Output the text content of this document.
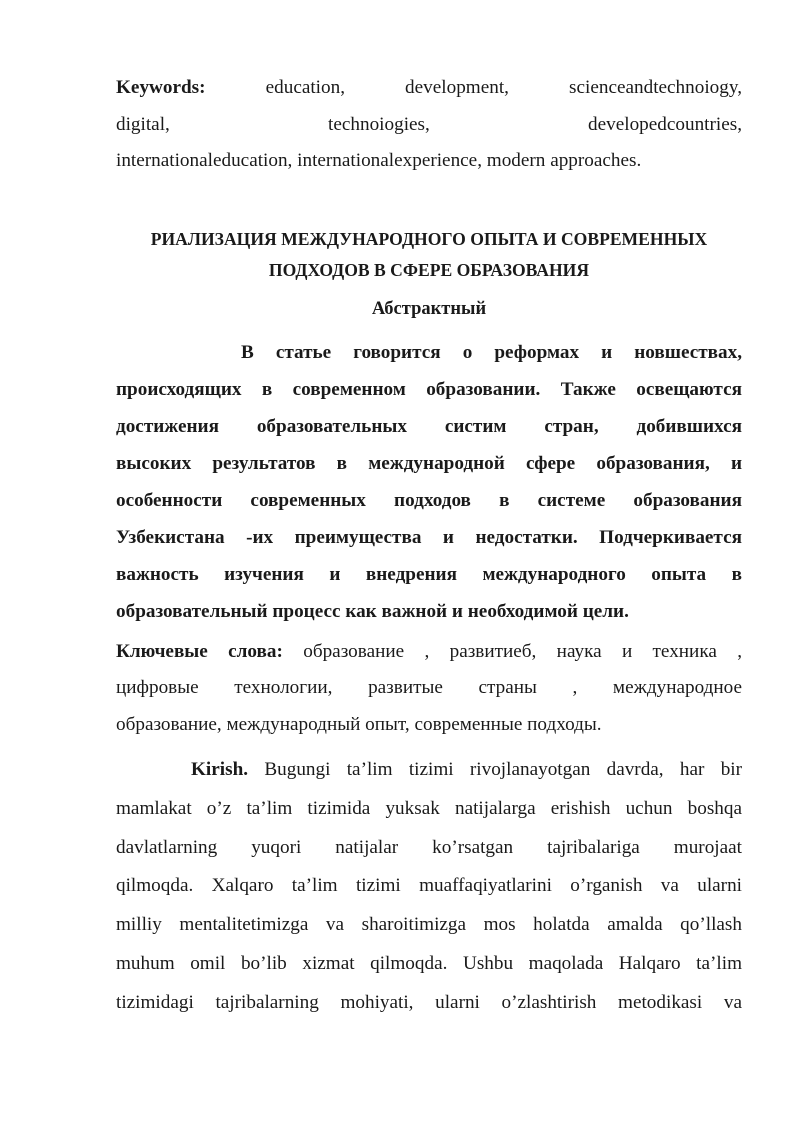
Keywords:	education, development, scienceandtechnoiogy,
digital, technoiogies, developedcountries,
internationaleducation, internationalexperience, modern approaches.
РИАЛИЗАЦИЯ МЕЖДУНАРОДНОГО ОПЫТА И СОВРЕМЕННЫХ
ПОДХОДОВ В СФЕРЕ ОБРАЗОВАНИЯ
Абстрактный
В статье говорится о реформах и новшествах,
происходящих в современном образовании. Также освещаются
достижения образовательных систим стран, добившихся
высоких результатов в международной сфере образования, и
особенности современных подходов в системе образования
Узбекистана -их преимущества и недостатки. Подчеркивается
важность изучения и внедрения международного опыта в
образовательный процесс как важной и необходимой цели.
Ключевые слова: образование , развитиеб, наука и техника ,
цифровые технологии, развитые страны , международное
образование, международный опыт, современные подходы.
Kirish. Bugungi ta’lim tizimi rivojlanayotgan davrda, har bir
mamlakat o’z ta’lim tizimida yuksak natijalarga erishish uchun boshqa
davlatlarning yuqori natijalar ko’rsatgan tajribalariga murojaat
qilmoqda. Xalqaro ta’lim tizimi muaffaqiyatlarini o’rganish va ularni
milliy mentalitetimizga va sharoitimizga mos holatda amalda qo’llash
muhum omil bo’lib xizmat qilmoqda. Ushbu maqolada Halqaro ta’lim
tizimidagi tajribalarning mohiyati, ularni o’zlashtirish metodikasi va
